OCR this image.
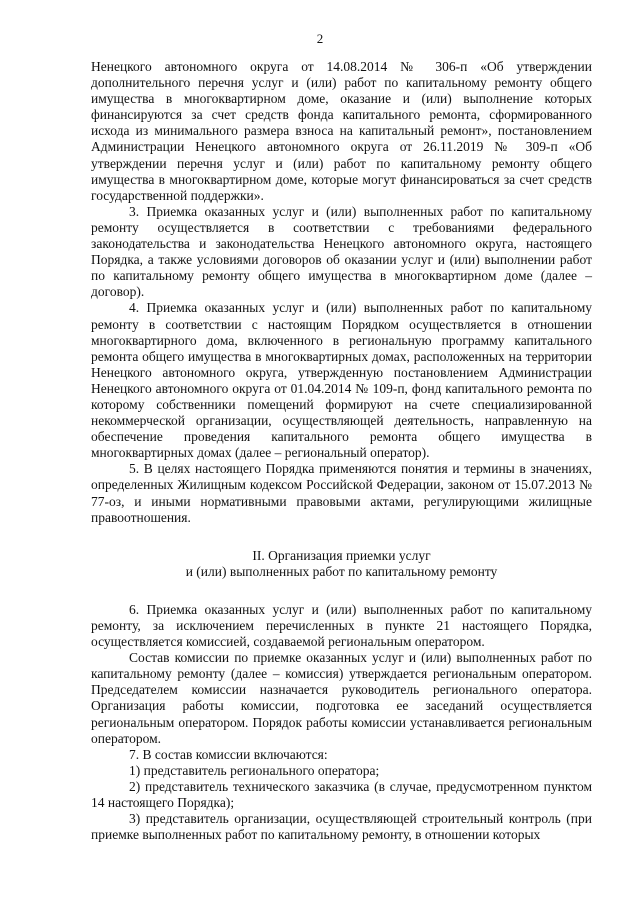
2

Ненецкого автономного округа от 14.08.2014 № 306-п «Об утверждении дополнительного перечня услуг и (или) работ по капитальному ремонту общего имущества в многоквартирном доме, оказание и (или) выполнение которых финансируются за счет средств фонда капитального ремонта, сформированного исхода из минимального размера взноса на капитальный ремонт», постановлением Администрации Ненецкого автономного округа от 26.11.2019 № 309-п «Об утверждении перечня услуг и (или) работ по капитальному ремонту общего имущества в многоквартирном доме, которые могут финансироваться за счет средств государственной поддержки».

3. Приемка оказанных услуг и (или) выполненных работ по капитальному ремонту осуществляется в соответствии с требованиями федерального законодательства и законодательства Ненецкого автономного округа, настоящего Порядка, а также условиями договоров об оказании услуг и (или) выполнении работ по капитальному ремонту общего имущества в многоквартирном доме (далее – договор).

4. Приемка оказанных услуг и (или) выполненных работ по капитальному ремонту в соответствии с настоящим Порядком осуществляется в отношении многоквартирного дома, включенного в региональную программу капитального ремонта общего имущества в многоквартирных домах, расположенных на территории Ненецкого автономного округа, утвержденную постановлением Администрации Ненецкого автономного округа от 01.04.2014 № 109-п, фонд капитального ремонта по которому собственники помещений формируют на счете специализированной некоммерческой организации, осуществляющей деятельность, направленную на обеспечение проведения капитального ремонта общего имущества в многоквартирных домах (далее – региональный оператор).

5. В целях настоящего Порядка применяются понятия и термины в значениях, определенных Жилищным кодексом Российской Федерации, законом от 15.07.2013 № 77-оз, и иными нормативными правовыми актами, регулирующими жилищные правоотношения.

II. Организация приемки услуг
и (или) выполненных работ по капитальному ремонту

6. Приемка оказанных услуг и (или) выполненных работ по капитальному ремонту, за исключением перечисленных в пункте 21 настоящего Порядка, осуществляется комиссией, создаваемой региональным оператором.

Состав комиссии по приемке оказанных услуг и (или) выполненных работ по капитальному ремонту (далее – комиссия) утверждается региональным оператором. Председателем комиссии назначается руководитель регионального оператора. Организация работы комиссии, подготовка ее заседаний осуществляется региональным оператором. Порядок работы комиссии устанавливается региональным оператором.

7. В состав комиссии включаются:

1) представитель регионального оператора;

2) представитель технического заказчика (в случае, предусмотренном пунктом 14 настоящего Порядка);

3) представитель организации, осуществляющей строительный контроль (при приемке выполненных работ по капитальному ремонту, в отношении которых
